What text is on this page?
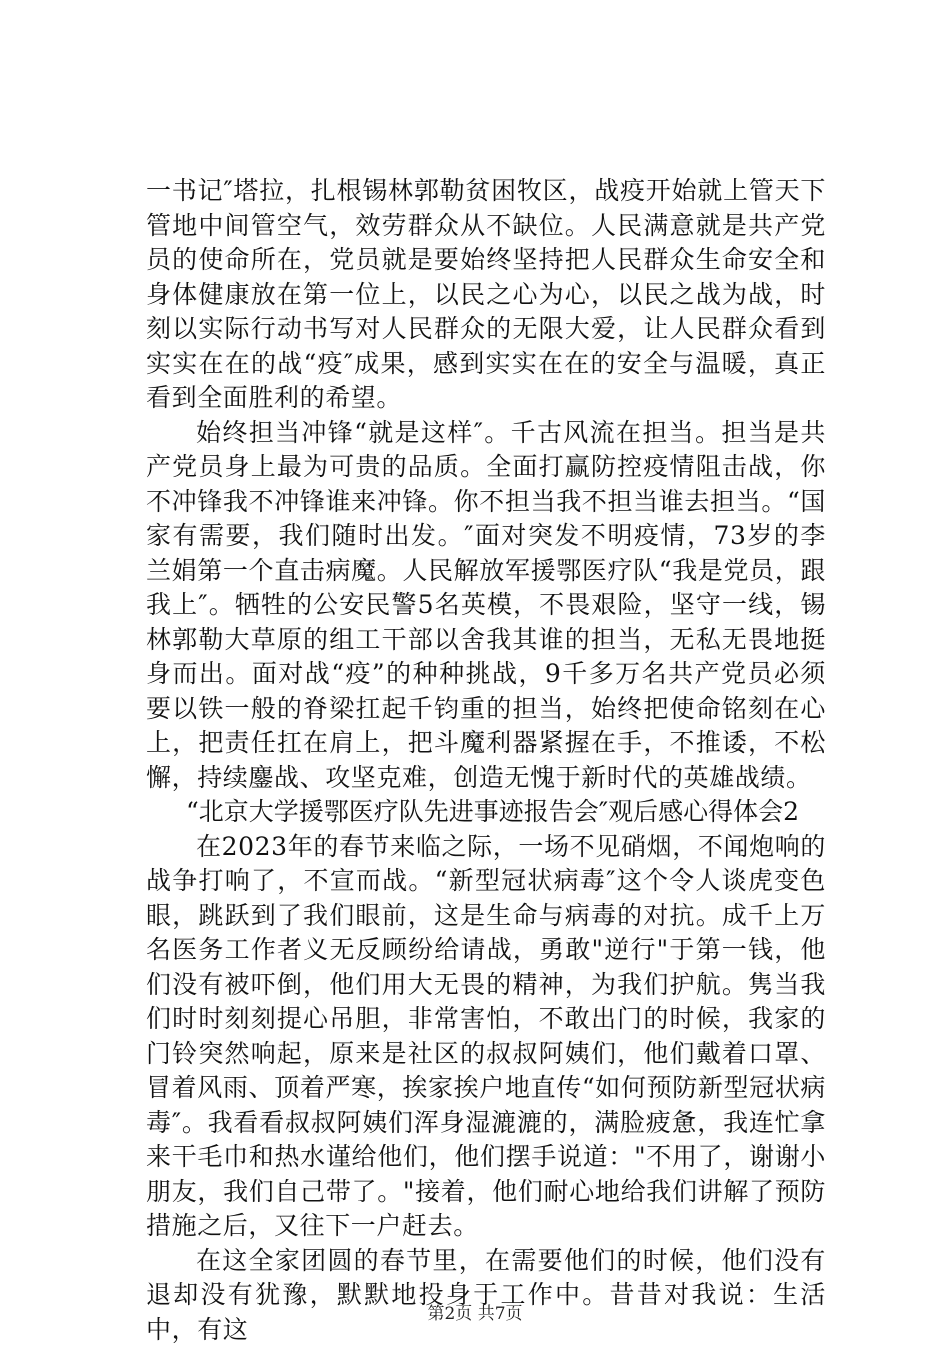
一书记″塔拉，扎根锡林郭勒贫困牧区，战疫开始就上管天下管地中间管空气，效劳群众从不缺位。人民满意就是共产党员的使命所在，党员就是要始终坚持把人民群众生命安全和身体健康放在第一位上，以民之心为心，以民之战为战，时刻以实际行动书写对人民群众的无限大爱，让人民群众看到实实在在的战“疫″成果，感到实实在在的安全与温暖，真正看到全面胜利的希望。

始终担当冲锋“就是这样″。千古风流在担当。担当是共产党员身上最为可贵的品质。全面打赢防控疫情阻击战，你不冲锋我不冲锋谁来冲锋。你不担当我不担当谁去担当。“国家有需要，我们随时出发。″面对突发不明疫情，73岁的李兰娟第一个直击病魔。人民解放军援鄂医疗队“我是党员，跟我上″。牺牲的公安民警5名英模，不畏艰险，坚守一线，锡林郭勒大草原的组工干部以舍我其谁的担当，无私无畏地挺身而出。面对战“疫”的种种挑战，9千多万名共产党员必须要以铁一般的脊梁扛起千钧重的担当，始终把使命铭刻在心上，把责任扛在肩上，把斗魔利器紧握在手，不推诿，不松懈，持续鏖战、攻坚克难，创造无愧于新时代的英雄战绩。

“北京大学援鄂医疗队先进事迹报告会″观后感心得体会2

在2023年的春节来临之际，一场不见硝烟，不闻炮响的战争打响了，不宣而战。“新型冠状病毒″这个令人谈虎变色眼，跳跃到了我们眼前，这是生命与病毒的对抗。成千上万名医务工作者义无反顾纷给请战，勇敢"逆行"于第一钱，他们没有被吓倒，他们用大无畏的精神，为我们护航。隽当我们时时刻刻提心吊胆，非常害怕，不敢出门的时候，我家的门铃突然响起，原来是社区的叔叔阿姨们，他们戴着口罩、冒着风雨、顶着严寒，挨家挨户地直传“如何预防新型冠状病毒″。我看看叔叔阿姨们浑身湿漉漉的，满脸疲惫，我连忙拿来干毛巾和热水谨给他们，他们摆手说道："不用了，谢谢小朋友，我们自己带了。"接着，他们耐心地给我们讲解了预防措施之后，又往下一户赶去。

在这全家团圆的春节里，在需要他们的时候，他们没有退却没有犹豫，默默地投身于工作中。昔昔对我说：生活中，有这

第2页 共7页
